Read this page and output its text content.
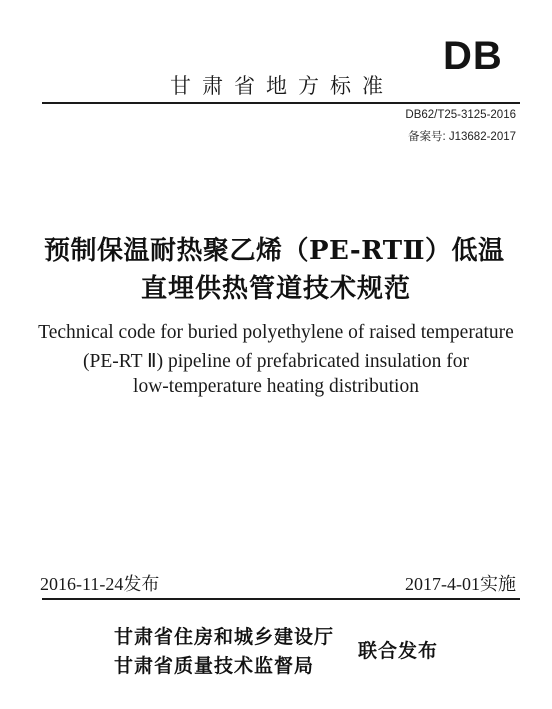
DB
甘肃省地方标准
DB62/T25-3125-2016
备案号: J13682-2017
预制保温耐热聚乙烯（PE-RTⅡ）低温
直埋供热管道技术规范
Technical code for buried polyethylene of raised temperature
(PE-RT Ⅱ) pipeline of prefabricated insulation for
low-temperature heating distribution
2016-11-24发布	2017-4-01实施
甘肃省住房和城乡建设厅
甘肃省质量技术监督局
联合发布
